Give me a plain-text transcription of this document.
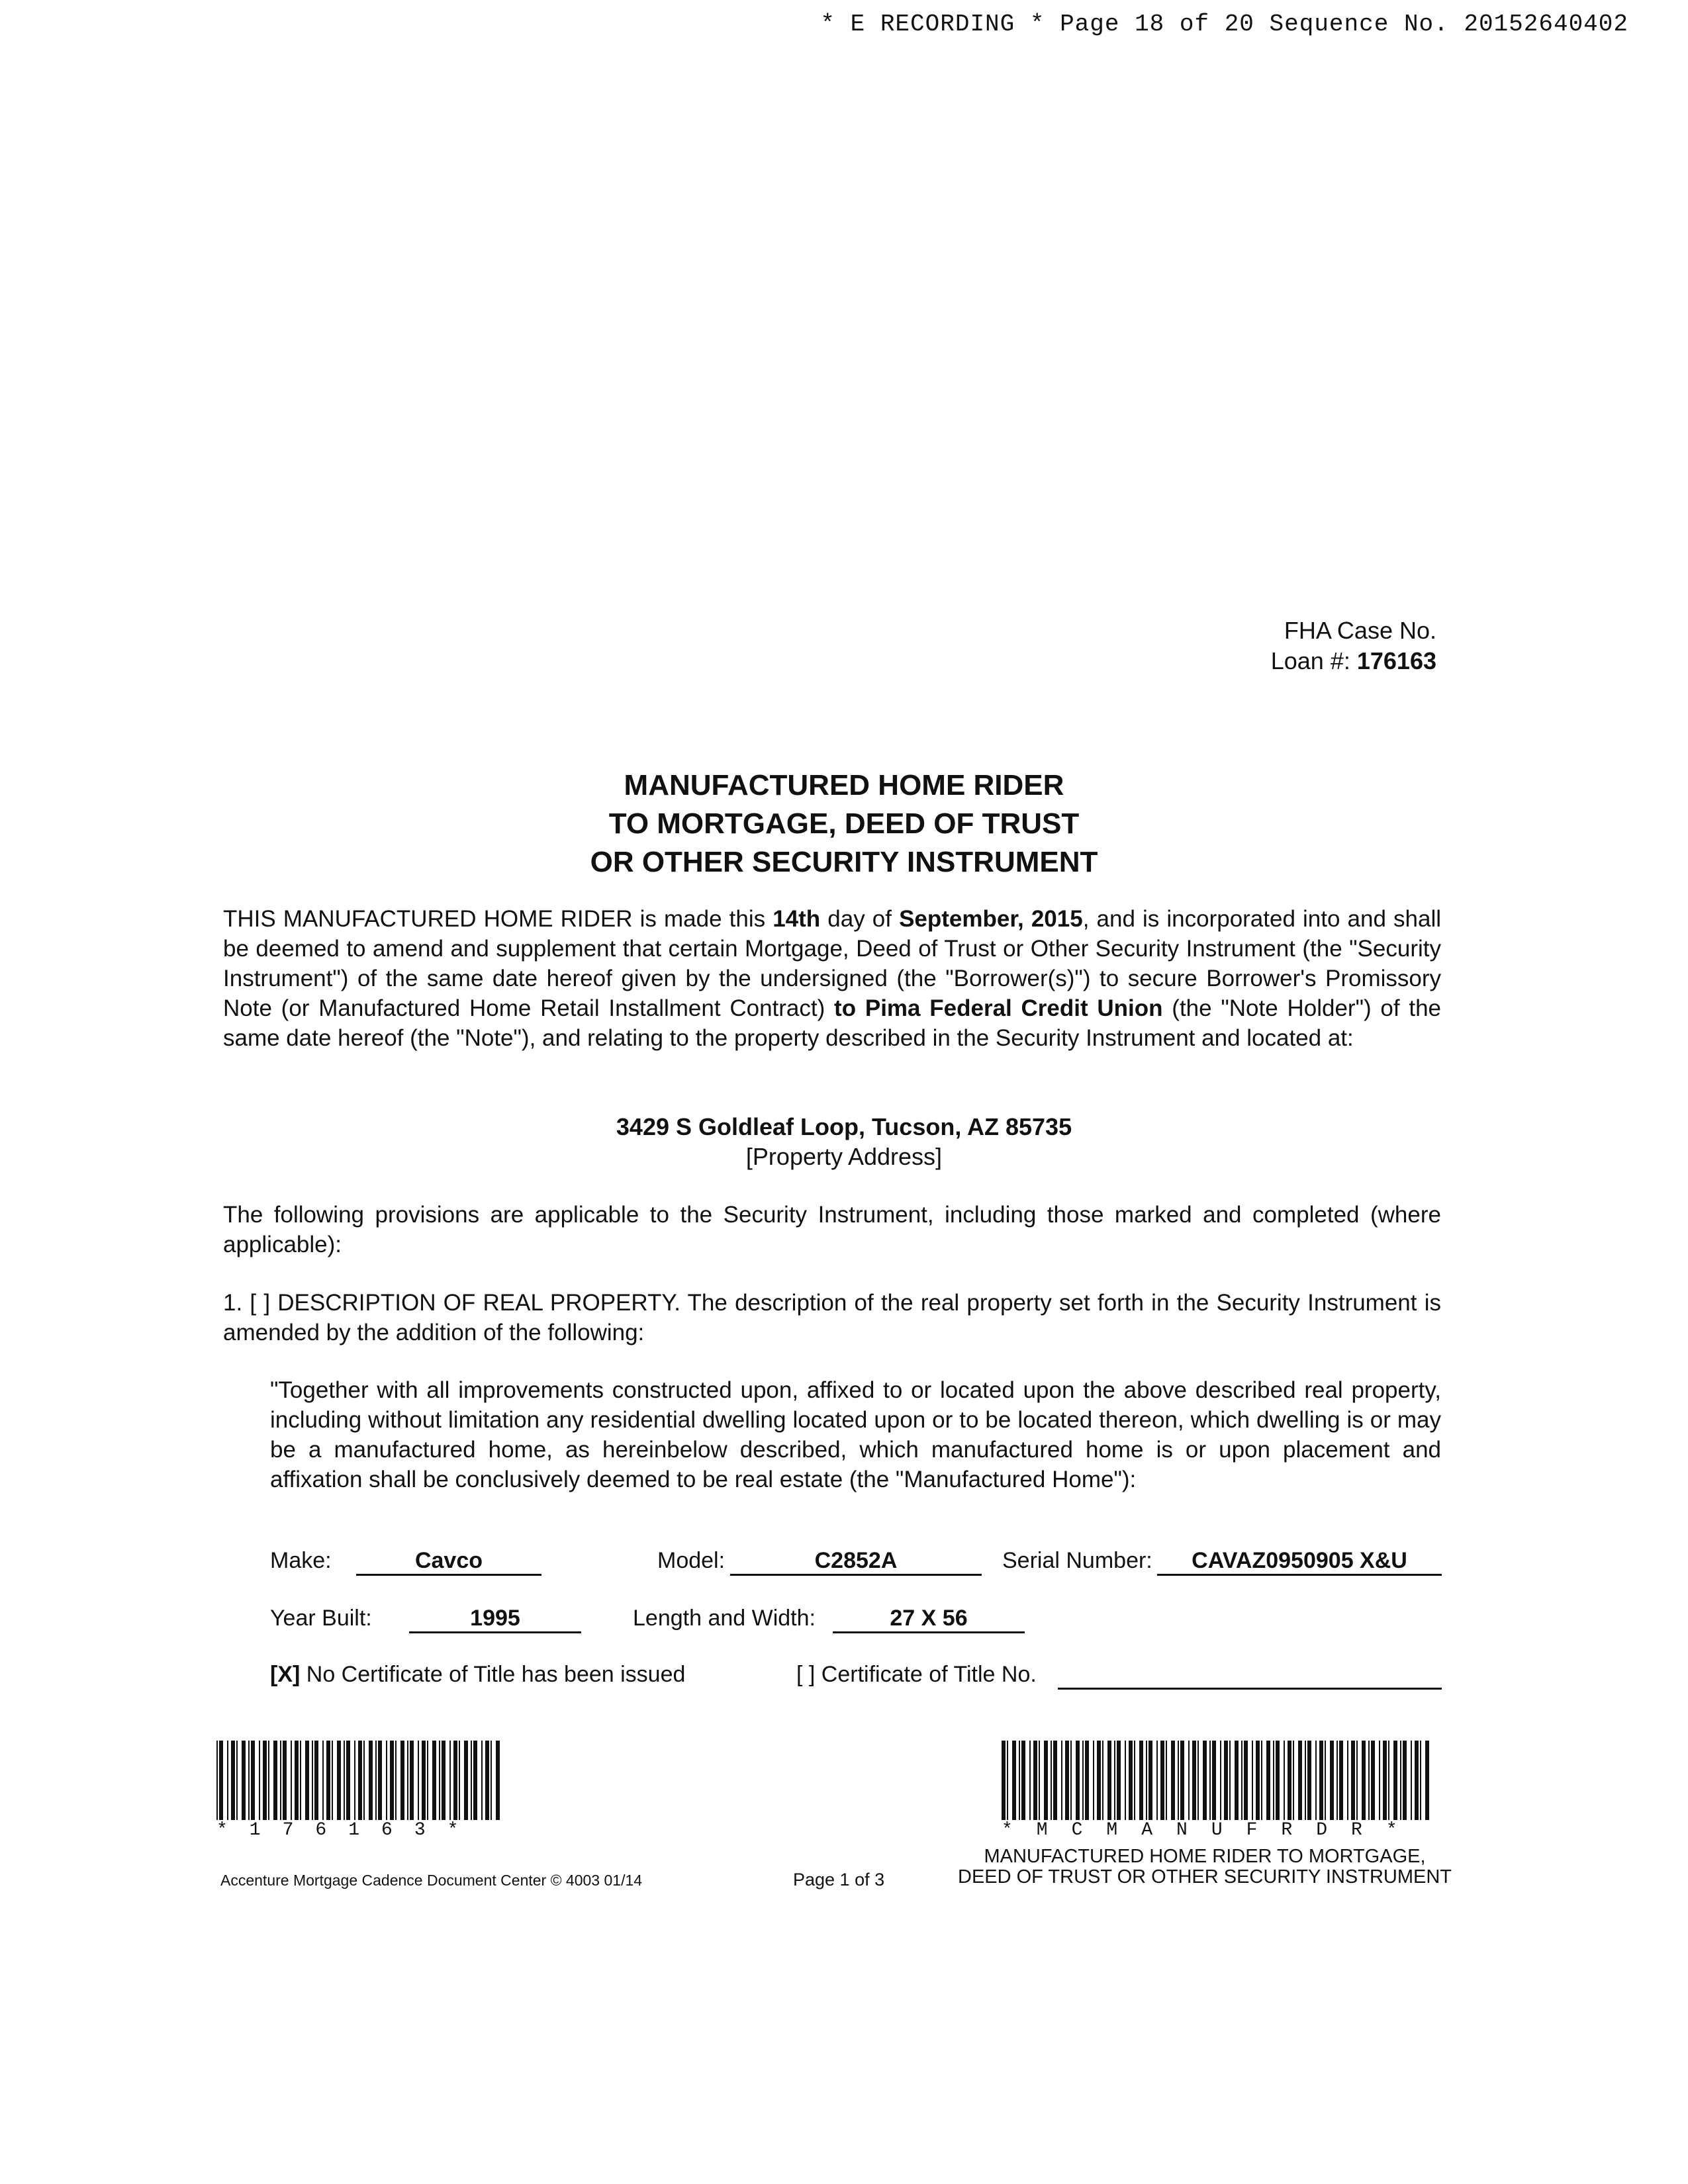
* E RECORDING * Page 18 of 20 Sequence No. 20152640402
FHA Case No.
Loan #: 176163
MANUFACTURED HOME RIDER
TO MORTGAGE, DEED OF TRUST
OR OTHER SECURITY INSTRUMENT
THIS MANUFACTURED HOME RIDER is made this 14th day of September, 2015, and is incorporated into and shall be deemed to amend and supplement that certain Mortgage, Deed of Trust or Other Security Instrument (the "Security Instrument") of the same date hereof given by the undersigned (the "Borrower(s)") to secure Borrower's Promissory Note (or Manufactured Home Retail Installment Contract) to Pima Federal Credit Union (the "Note Holder") of the same date hereof (the "Note"), and relating to the property described in the Security Instrument and located at:
3429 S Goldleaf Loop, Tucson, AZ 85735
[Property Address]
The following provisions are applicable to the Security Instrument, including those marked and completed (where applicable):
1. [ ] DESCRIPTION OF REAL PROPERTY. The description of the real property set forth in the Security Instrument is amended by the addition of the following:
"Together with all improvements constructed upon, affixed to or located upon the above described real property, including without limitation any residential dwelling located upon or to be located thereon, which dwelling is or may be a manufactured home, as hereinbelow described, which manufactured home is or upon placement and affixation shall be conclusively deemed to be real estate (the "Manufactured Home"):
Make:	Cavco	Model:	C2852A	Serial Number:	CAVAZ0950905 X&U
Year Built:	1995	Length and Width:	27 X 56
[X] No Certificate of Title has been issued	[ ] Certificate of Title No.
*176163*	*MCMANUFRDR*
Accenture Mortgage Cadence Document Center © 4003 01/14	Page 1 of 3
MANUFACTURED HOME RIDER TO MORTGAGE,
DEED OF TRUST OR OTHER SECURITY INSTRUMENT
